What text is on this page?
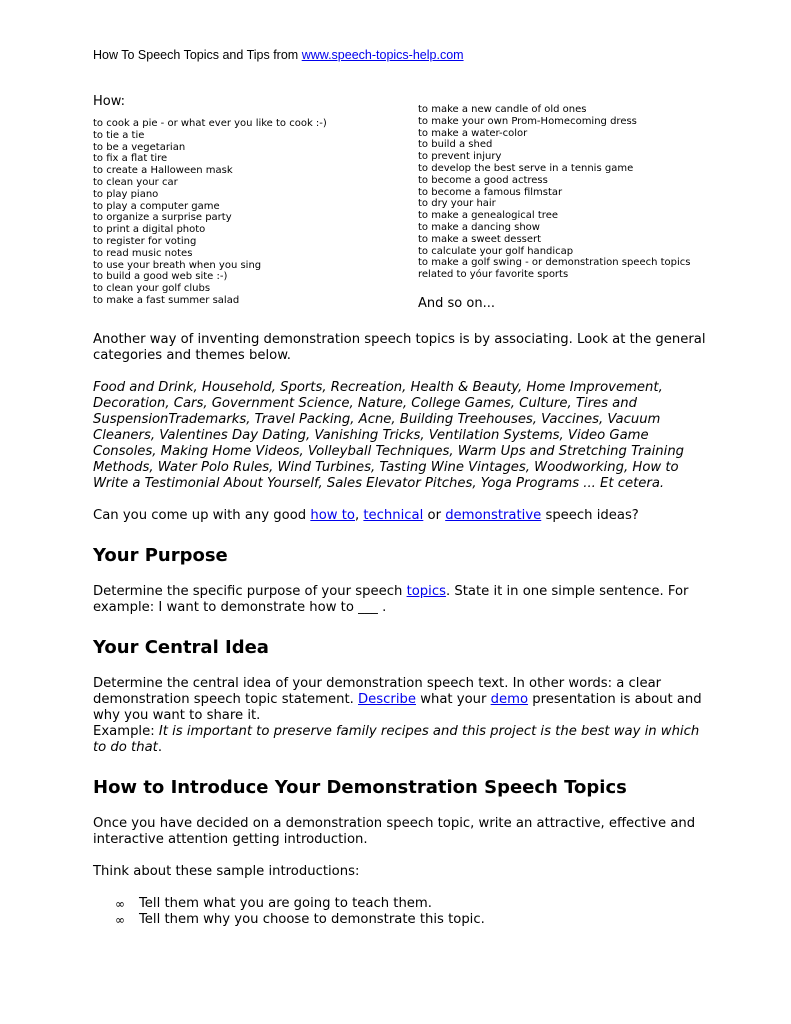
How To Speech Topics and Tips from www.speech-topics-help.com
How:
to cook a pie - or what ever you like to cook :-)
to tie a tie
to be a vegetarian
to fix a flat tire
to create a Halloween mask
to clean your car
to play piano
to play a computer game
to organize a surprise party
to print a digital photo
to register for voting
to read music notes
to use your breath when you sing
to build a good web site :-)
to clean your golf clubs
to make a fast summer salad
to make a new candle of old ones
to make your own Prom-Homecoming dress
to make a water-color
to build a shed
to prevent injury
to develop the best serve in a tennis game
to become a good actress
to become a famous filmstar
to dry your hair
to make a genealogical tree
to make a dancing show
to make a sweet dessert
to calculate your golf handicap
to make a golf swing - or demonstration speech topics
related to yóur favorite sports
And so on...

Another way of inventing demonstration speech topics is by associating. Look at the general categories and themes below.

Food and Drink, Household, Sports, Recreation, Health & Beauty, Home Improvement, Decoration, Cars, Government Science, Nature, College Games, Culture, Tires and SuspensionTrademarks, Travel Packing, Acne, Building Treehouses, Vaccines, Vacuum Cleaners, Valentines Day Dating, Vanishing Tricks, Ventilation Systems, Video Game Consoles, Making Home Videos, Volleyball Techniques, Warm Ups and Stretching Training Methods, Water Polo Rules, Wind Turbines, Tasting Wine Vintages, Woodworking, How to Write a Testimonial About Yourself, Sales Elevator Pitches, Yoga Programs ... Et cetera.

Can you come up with any good how to, technical or demonstrative speech ideas?

Your Purpose

Determine the specific purpose of your speech topics. State it in one simple sentence. For example: I want to demonstrate how to ___ .

Your Central Idea

Determine the central idea of your demonstration speech text. In other words: a clear demonstration speech topic statement. Describe what your demo presentation is about and why you want to share it.
Example: It is important to preserve family recipes and this project is the best way in which to do that.

How to Introduce Your Demonstration Speech Topics

Once you have decided on a demonstration speech topic, write an attractive, effective and interactive attention getting introduction.

Think about these sample introductions:

∞ Tell them what you are going to teach them.
∞ Tell them why you choose to demonstrate this topic.
